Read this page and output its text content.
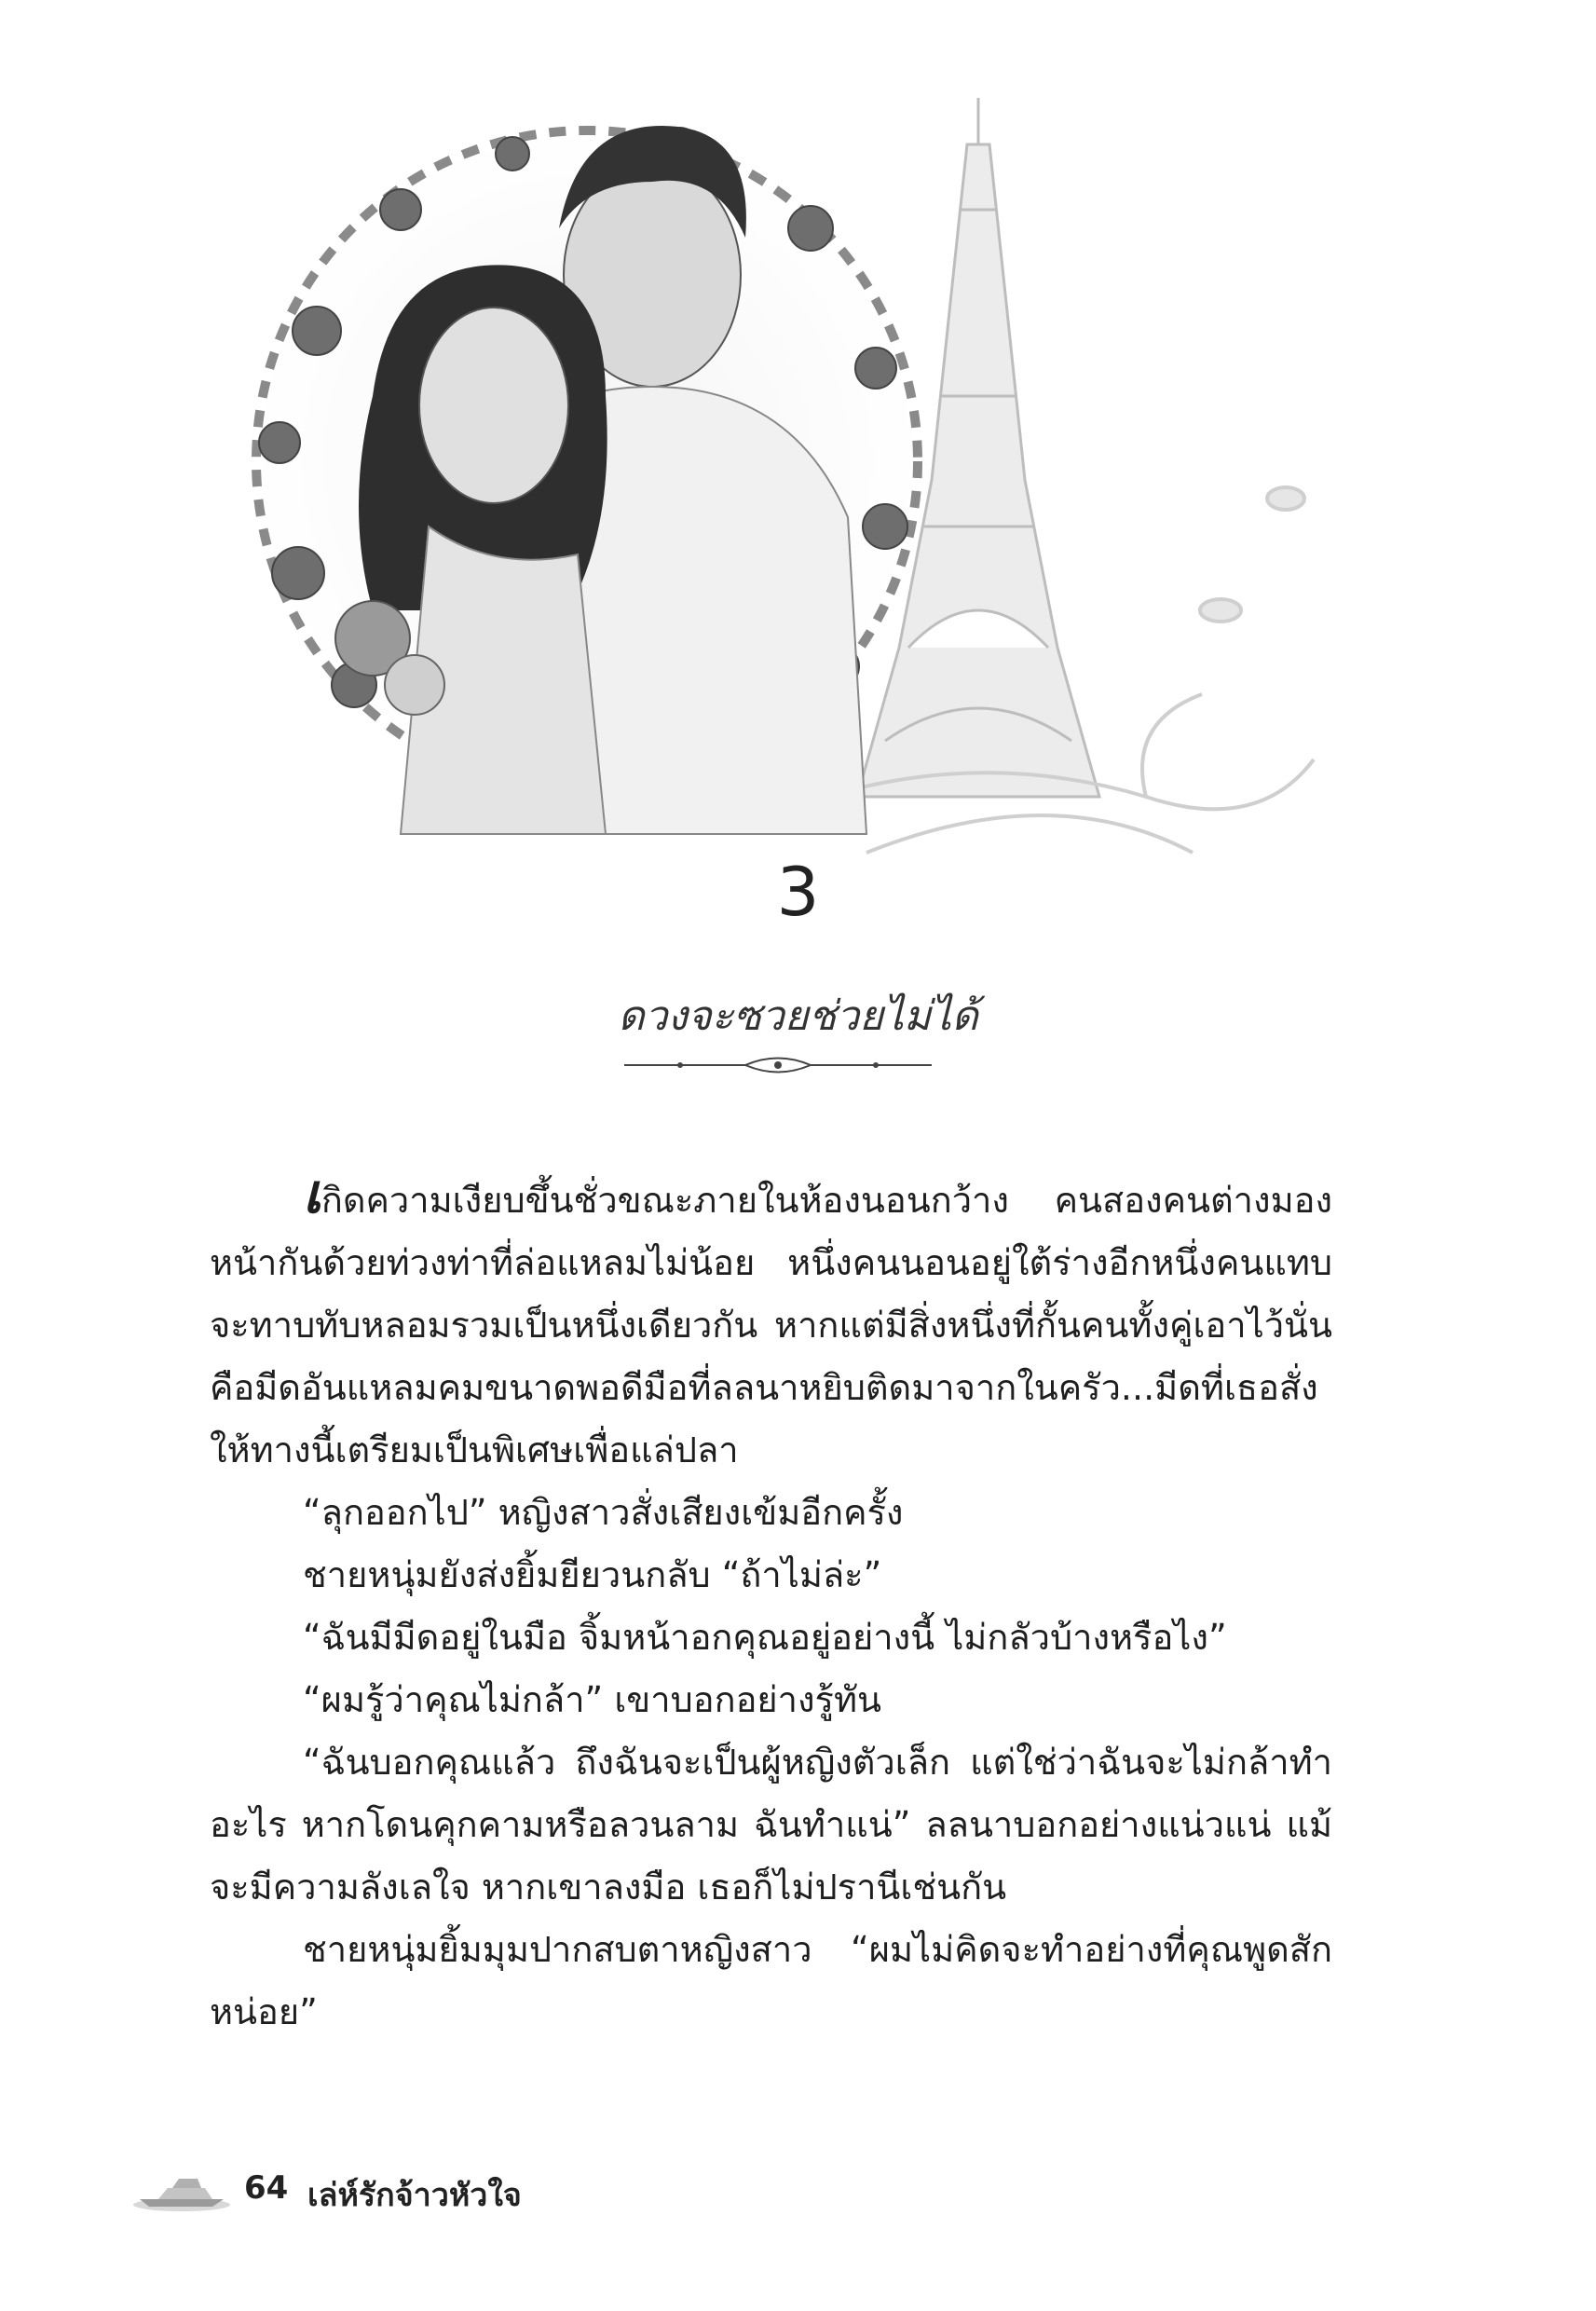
3
ดวงจะซวยช่วยไม่ได้

เกิดความเงียบขึ้นชั่วขณะภายในห้องนอนกว้าง คนสองคนต่างมองหน้ากันด้วยท่วงท่าที่ล่อแหลมไม่น้อย หนึ่งคนนอนอยู่ใต้ร่างอีกหนึ่งคนแทบจะทาบทับหลอมรวมเป็นหนึ่งเดียวกัน หากแต่มีสิ่งหนึ่งที่กั้นคนทั้งคู่เอาไว้นั่นคือมีดอันแหลมคมขนาดพอดีมือที่ลลนาหยิบติดมาจากในครัว...มีดที่เธอสั่งให้ทางนี้เตรียมเป็นพิเศษเพื่อแล่ปลา

“ลุกออกไป” หญิงสาวสั่งเสียงเข้มอีกครั้ง

ชายหนุ่มยังส่งยิ้มยียวนกลับ “ถ้าไม่ล่ะ”

“ฉันมีมีดอยู่ในมือ จิ้มหน้าอกคุณอยู่อย่างนี้ ไม่กลัวบ้างหรือไง”

“ผมรู้ว่าคุณไม่กล้า” เขาบอกอย่างรู้ทัน

“ฉันบอกคุณแล้ว ถึงฉันจะเป็นผู้หญิงตัวเล็ก แต่ใช่ว่าฉันจะไม่กล้าทำอะไร หากโดนคุกคามหรือลวนลาม ฉันทำแน่” ลลนาบอกอย่างแน่วแน่ แม้จะมีความลังเลใจ หากเขาลงมือ เธอก็ไม่ปรานีเช่นกัน

ชายหนุ่มยิ้มมุมปากสบตาหญิงสาว “ผมไม่คิดจะทำอย่างที่คุณพูดสักหน่อย”

64 เล่ห์รักจ้าวหัวใจ
